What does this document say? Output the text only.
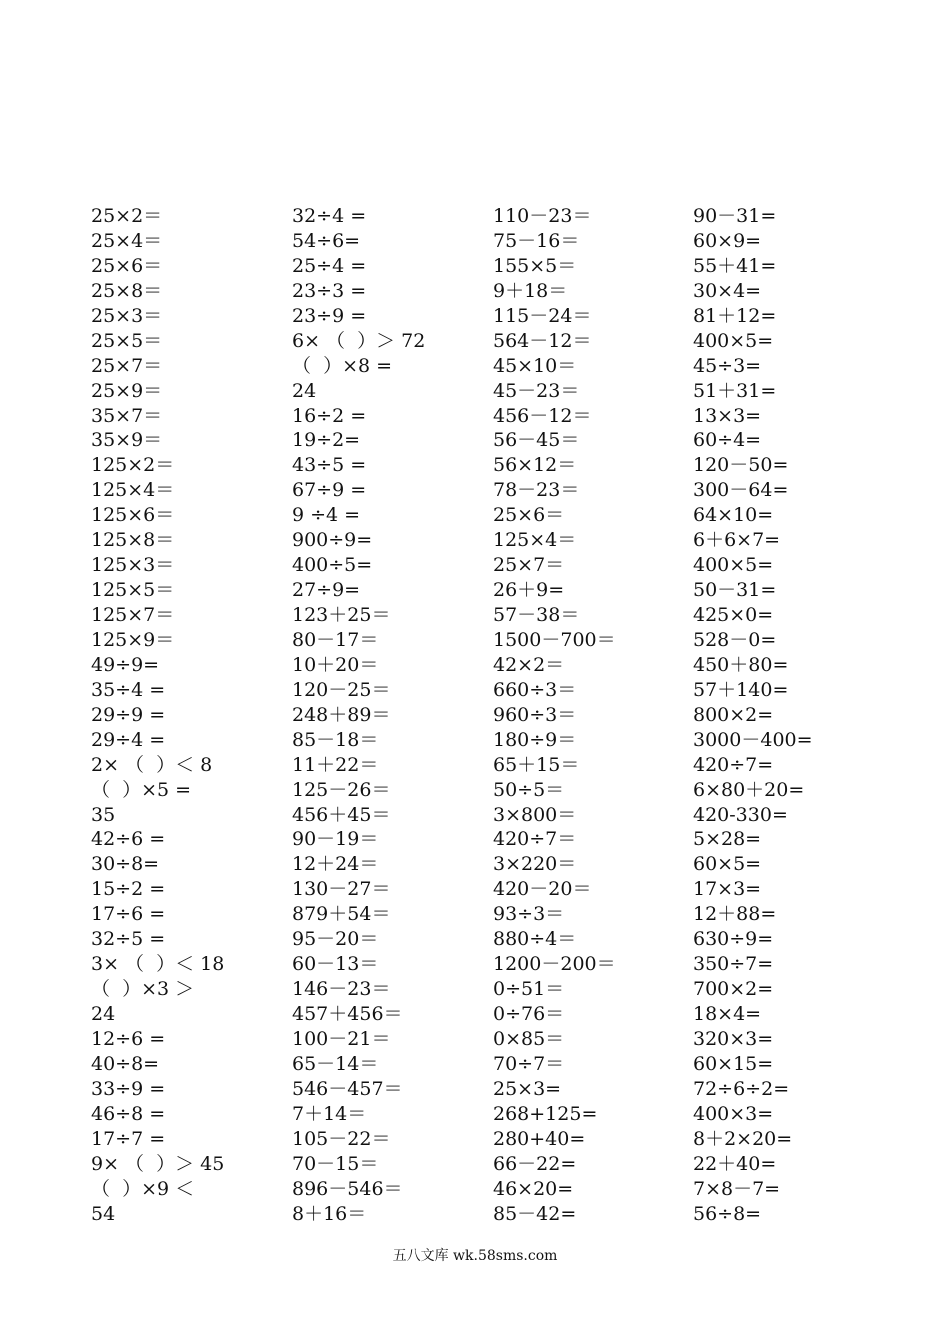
25×2＝
25×4＝
25×6＝
25×8＝
25×3＝
25×5＝
25×7＝
25×9＝
35×7＝
35×9＝
125×2＝
125×4＝
125×6＝
125×8＝
125×3＝
125×5＝
125×7＝
125×9＝
49÷9=
35÷4 =
29÷9 =
29÷4 =
2× （  ）＜ 8
（  ）×5 =
35
42÷6 =
30÷8=
15÷2 =
17÷6 =
32÷5 =
3× （  ）＜ 18
（  ）×3 ＞
24
12÷6 =
40÷8=
33÷9 =
46÷8 =
17÷7 =
9× （  ）＞ 45
（  ）×9 ＜
54
32÷4 =
54÷6=
25÷4 =
23÷3 =
23÷9 =
6× （  ）＞ 72
（  ）×8 =
24
16÷2 =
19÷2=
43÷5 =
67÷9 =
9 ÷4 =
900÷9=
400÷5=
27÷9=
123＋25＝
80－17＝
10＋20＝
120－25＝
248＋89＝
85－18＝
11＋22＝
125－26＝
456＋45＝
90－19＝
12＋24＝
130－27＝
879＋54＝
95－20＝
60－13＝
146－23＝
457＋456＝
100－21＝
65－14＝
546－457＝
7＋14＝
105－22＝
70－15＝
896－546＝
8＋16＝
110－23＝
75－16＝
155×5＝
9＋18＝
115－24＝
564－12＝
45×10＝
45－23＝
456－12＝
56－45＝
56×12＝
78－23＝
25×6＝
125×4＝
25×7＝
26＋9=
57－38＝
1500－700＝
42×2＝
660÷3＝
960÷3＝
180÷9＝
65＋15＝
50÷5＝
3×800＝
420÷7＝
3×220＝
420－20＝
93÷3＝
880÷4＝
1200－200＝
0÷51＝
0÷76＝
0×85＝
70÷7＝
25×3=
268+125=
280+40=
66－22=
46×20=
85－42=
90－31=
60×9=
55＋41=
30×4=
81＋12=
400×5=
45÷3=
51＋31=
13×3=
60÷4=
120－50=
300－64=
64×10=
6＋6×7=
400×5=
50－31=
425×0=
528－0=
450＋80=
57＋140=
800×2=
3000－400=
420÷7=
6×80＋20=
420-330=
5×28=
60×5=
17×3=
12＋88=
630÷9=
350÷7=
700×2=
18×4=
320×3=
60×15=
72÷6÷2=
400×3=
8＋2×20=
22＋40=
7×8－7=
56÷8=
五八文库 wk.58sms.com
